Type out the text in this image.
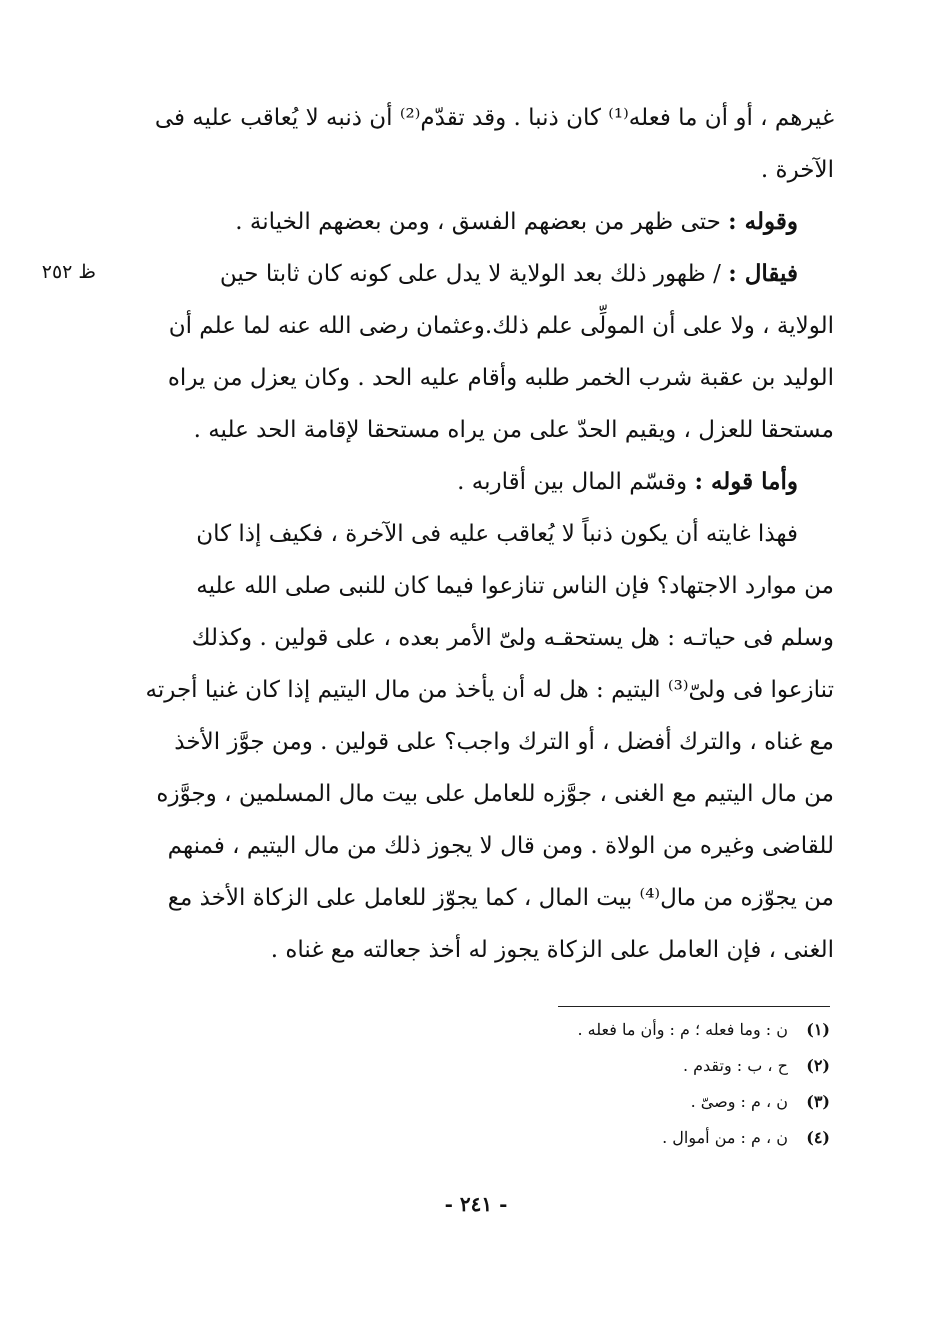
ظ ٢٥٢
غيرهم ، أو أن ما فعله⁽¹⁾ كان ذنبا . وقد تقدّم⁽²⁾ أن ذنبه لا يُعاقب عليه فى
الآخرة .
وقوله : حتى ظهر من بعضهم الفسق ، ومن بعضهم الخيانة .
فيقال : / ظهور ذلك بعد الولاية لا يدل على كونه كان ثابتا حين
الولاية ، ولا على أن المولِّى علم ذلك.وعثمان رضى الله عنه لما علم أن
الوليد بن عقبة شرب الخمر طلبه وأقام عليه الحد . وكان يعزل من يراه
مستحقا للعزل ، ويقيم الحدّ على من يراه مستحقا لإقامة الحد عليه .
وأما قوله : وقسّم المال بين أقاربه .
فهذا غايته أن يكون ذنباً لا يُعاقب عليه فى الآخرة ، فكيف إذا كان
من موارد الاجتهاد؟ فإن الناس تنازعوا فيما كان للنبى صلى الله عليه
وسلم فى حياتـه : هل يستحقـه ولىّ الأمر بعده ، على قولين . وكذلك
تنازعوا فى ولىّ⁽³⁾ اليتيم : هل له أن يأخذ من مال اليتيم إذا كان غنيا أجرته
مع غناه ، والترك أفضل ، أو الترك واجب؟ على قولين . ومن جوَّز الأخذ
من مال اليتيم مع الغنى ، جوَّزه للعامل على بيت مال المسلمين ، وجوَّزه
للقاضى وغيره من الولاة . ومن قال لا يجوز ذلك من مال اليتيم ، فمنهم
من يجوّزه من مال⁽⁴⁾ بيت المال ، كما يجوّز للعامل على الزكاة الأخذ مع
الغنى ، فإن العامل على الزكاة يجوز له أخذ جعالته مع غناه .
(١)ن : وما فعله ؛ م : وأن ما فعله .
(٢)ح ، ب : وتقدم .
(٣)ن ، م : وصىّ .
(٤)ن ، م : من أموال .
- ٢٤١ -
